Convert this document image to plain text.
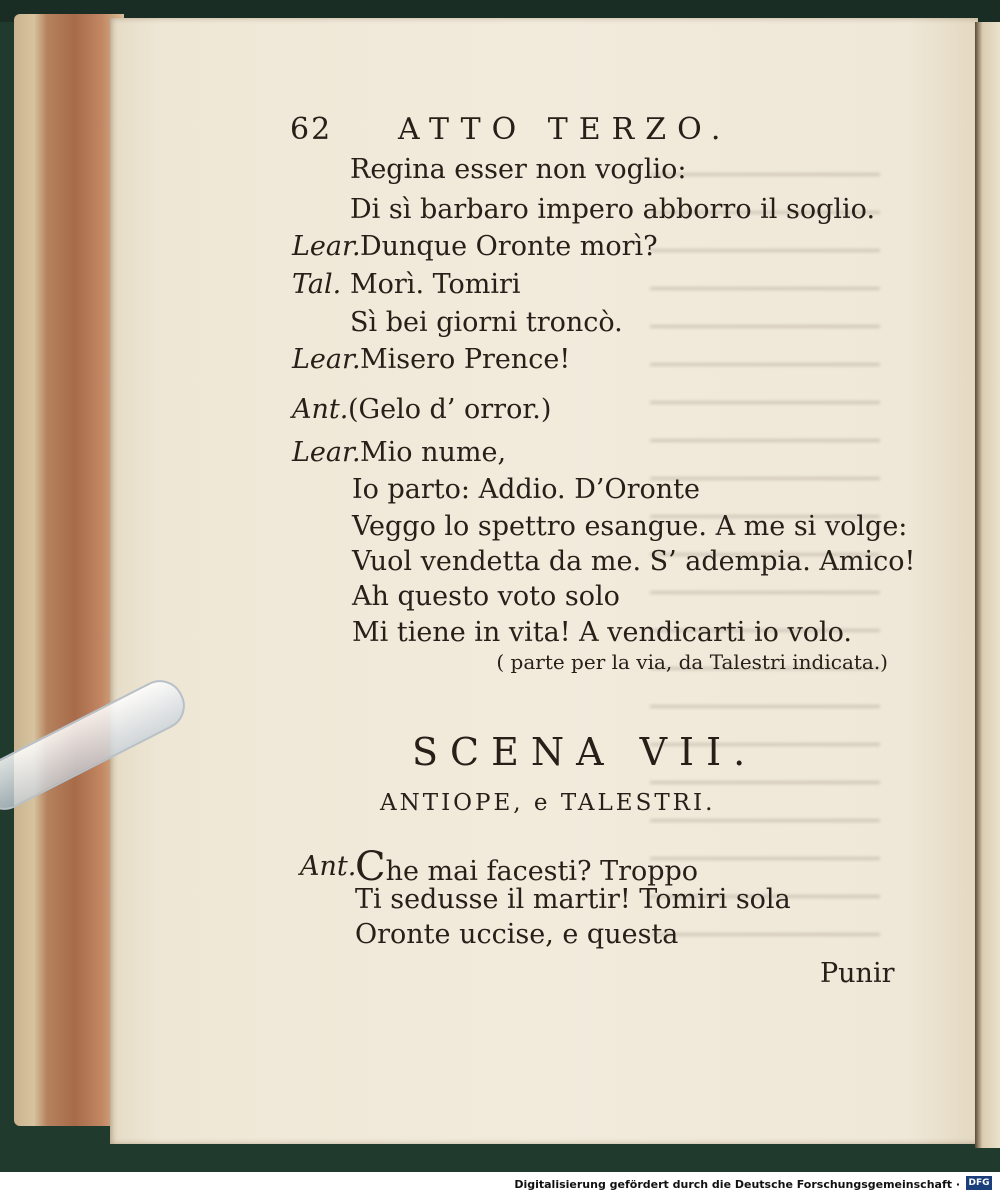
62 ATTO TERZO.
Lear.
Tal.
Lear.
Ant.
Lear.
Regina esser non voglio:
Di sì barbaro impero abborro il soglio.
Dunque Oronte morì?
Morì. Tomiri
Sì bei giorni troncò.
Misero Prence!
(Gelo d’ orror.)
Mio nume,
Io parto: Addio. D’Oronte
Veggo lo spettro esangue. A me si volge:
Vuol vendetta da me. S’ adempia. Amico!
Ah questo voto solo
Mi tiene in vita! A vendicarti io volo.
( parte per la via, da Talestri indicata.)
SCENA VII.
ANTIOPE, e TALESTRI.
Ant.
Che mai facesti? Troppo
Ti sedusse il martir! Tomiri sola
Oronte uccise, e questa
Punir
Digitalisierung gefördert durch die Deutsche Forschungsgemeinschaft · DFG
